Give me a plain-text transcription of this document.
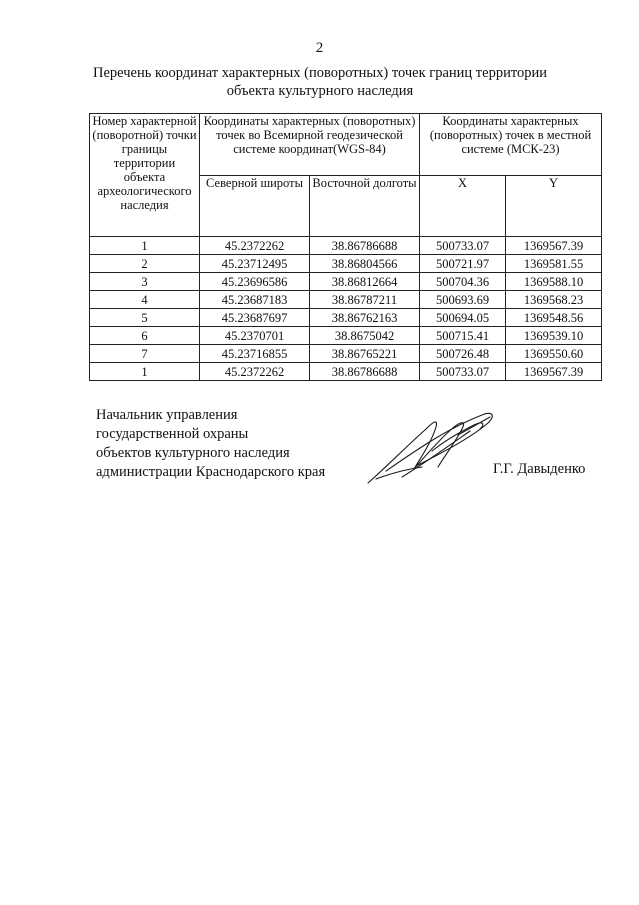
2
Перечень координат характерных (поворотных) точек границ территории
объекта культурного наследия
Номер характерной (поворотной) точки границы территории объекта археологического наследия	Координаты характерных (поворотных) точек во Всемирной геодезической системе координат(WGS-84)		Координаты характерных (поворотных) точек в местной системе (МСК-23)	
	Северной широты	Восточной долготы	X	Y
1	45.2372262	38.86786688	500733.07	1369567.39
2	45.23712495	38.86804566	500721.97	1369581.55
3	45.23696586	38.86812664	500704.36	1369588.10
4	45.23687183	38.86787211	500693.69	1369568.23
5	45.23687697	38.86762163	500694.05	1369548.56
6	45.2370701	38.8675042	500715.41	1369539.10
7	45.23716855	38.86765221	500726.48	1369550.60
1	45.2372262	38.86786688	500733.07	1369567.39
Начальник управления
государственной охраны
объектов культурного наследия
администрации Краснодарского края	Г.Г. Давыденко
